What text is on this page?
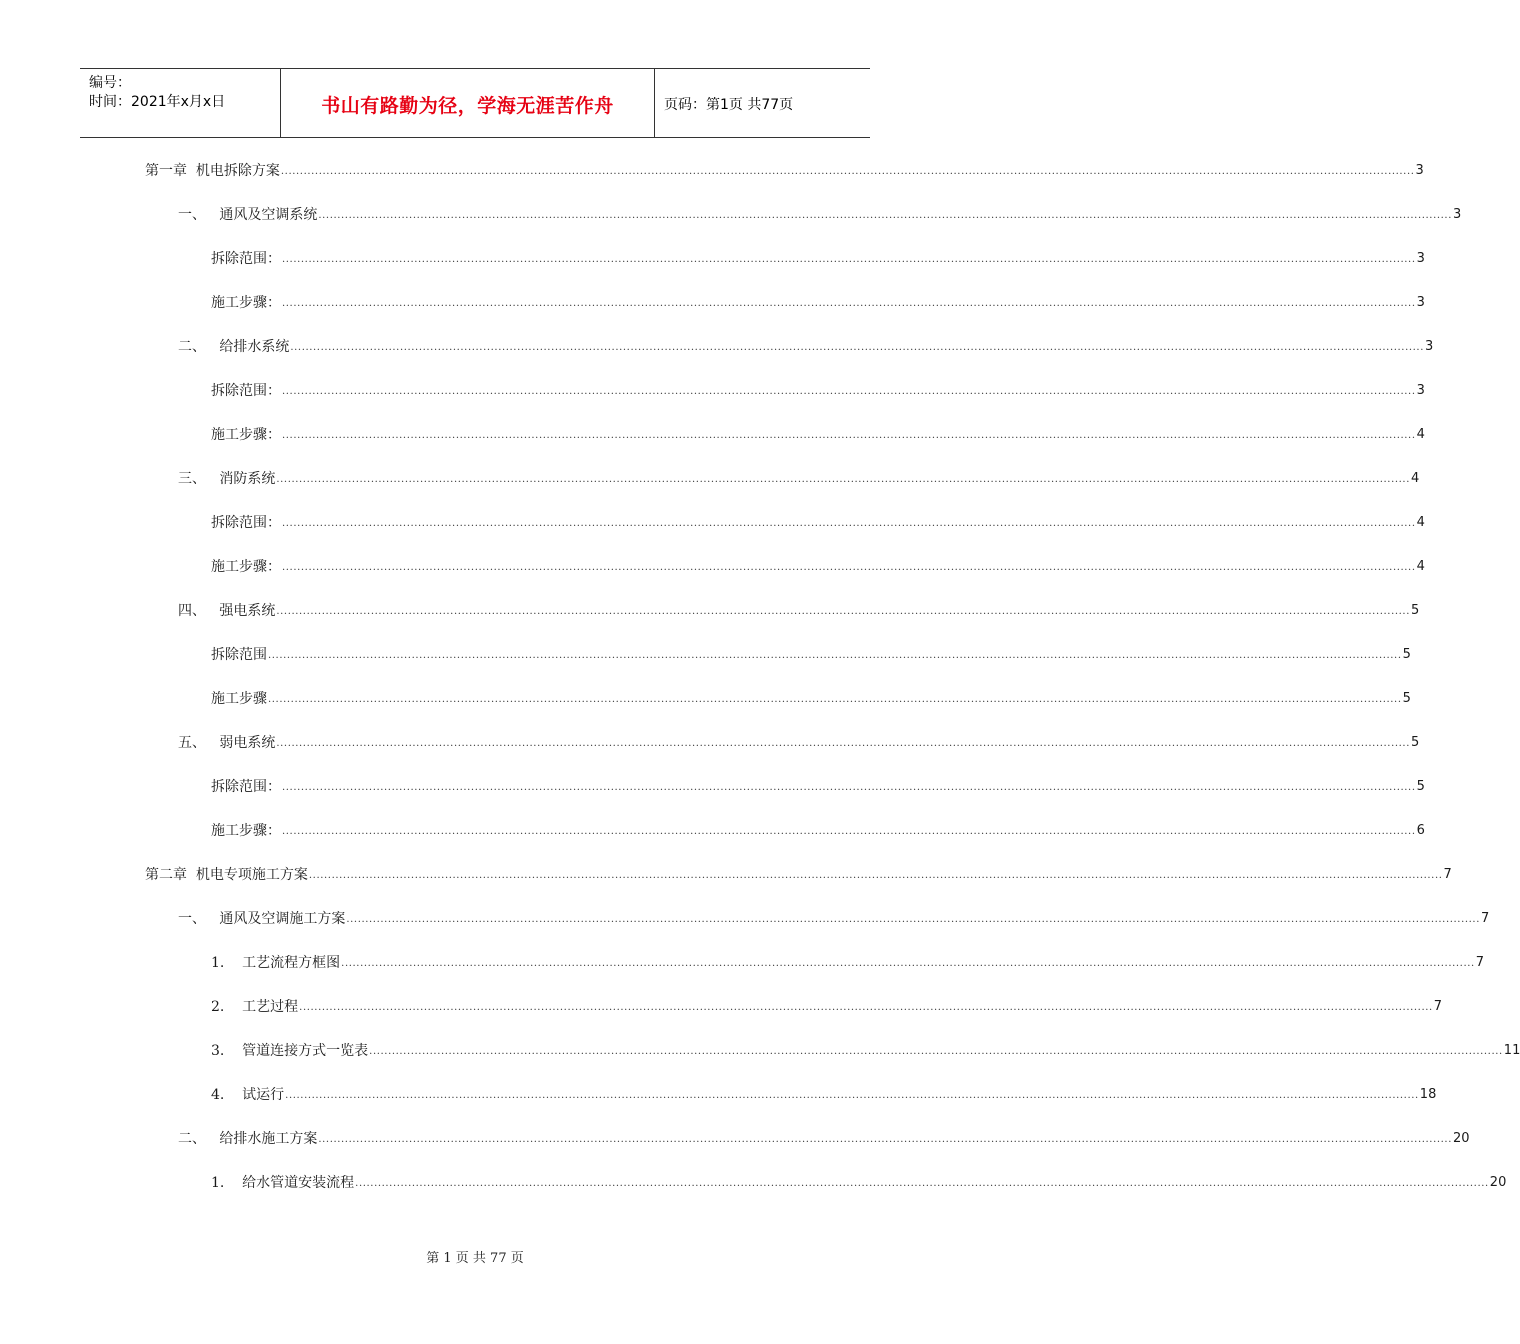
编号：
时间：2021年x月x日	书山有路勤为径，学海无涯苦作舟	页码：第1页 共77页
第一章  机电拆除方案 ............................................................................................................................................................................................................................................................................................................ 3
一、   通风及空调系统 ............................................................................................................................................................................................................................................................................................................ 3
拆除范围： ............................................................................................................................................................................................................................................................................................................ 3
施工步骤： ............................................................................................................................................................................................................................................................................................................ 3
二、   给排水系统 ............................................................................................................................................................................................................................................................................................................ 3
拆除范围： ............................................................................................................................................................................................................................................................................................................ 3
施工步骤： ............................................................................................................................................................................................................................................................................................................ 4
三、   消防系统 ............................................................................................................................................................................................................................................................................................................ 4
拆除范围： ............................................................................................................................................................................................................................................................................................................ 4
施工步骤： ............................................................................................................................................................................................................................................................................................................ 4
四、   强电系统 ............................................................................................................................................................................................................................................................................................................ 5
拆除范围 ............................................................................................................................................................................................................................................................................................................ 5
施工步骤 ............................................................................................................................................................................................................................................................................................................ 5
五、   弱电系统 ............................................................................................................................................................................................................................................................................................................ 5
拆除范围： ............................................................................................................................................................................................................................................................................................................ 5
施工步骤： ............................................................................................................................................................................................................................................................................................................ 6
第二章  机电专项施工方案 ............................................................................................................................................................................................................................................................................................................ 7
一、   通风及空调施工方案 ............................................................................................................................................................................................................................................................................................................ 7
1.    工艺流程方框图 ............................................................................................................................................................................................................................................................................................................ 7
2.    工艺过程 ............................................................................................................................................................................................................................................................................................................ 7
3.    管道连接方式一览表 ............................................................................................................................................................................................................................................................................................................ 11
4.    试运行 ............................................................................................................................................................................................................................................................................................................ 18
二、   给排水施工方案 ............................................................................................................................................................................................................................................................................................................ 20
1.    给水管道安装流程 ............................................................................................................................................................................................................................................................................................................ 20
第 1 页 共 77 页
